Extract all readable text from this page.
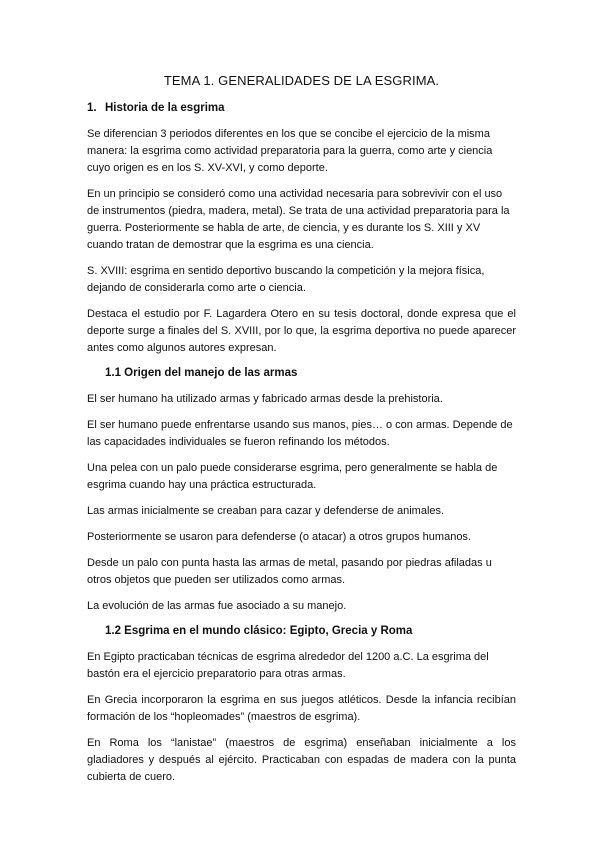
TEMA 1. GENERALIDADES DE LA ESGRIMA.
1. Historia de la esgrima

Se diferencian 3 periodos diferentes en los que se concibe el ejercicio de la misma manera: la esgrima como actividad preparatoria para la guerra, como arte y ciencia cuyo origen es en los S. XV-XVI, y como deporte.

En un principio se consideró como una actividad necesaria para sobrevivir con el uso de instrumentos (piedra, madera, metal). Se trata de una actividad preparatoria para la guerra. Posteriormente se habla de arte, de ciencia, y es durante los S. XIII y XV cuando tratan de demostrar que la esgrima es una ciencia.

S. XVIII: esgrima en sentido deportivo buscando la competición y la mejora física, dejando de considerarla como arte o ciencia.

Destaca el estudio por F. Lagardera Otero en su tesis doctoral, donde expresa que el deporte surge a finales del S. XVIII, por lo que, la esgrima deportiva no puede aparecer antes como algunos autores expresan.

1.1 Origen del manejo de las armas

El ser humano ha utilizado armas y fabricado armas desde la prehistoria.

El ser humano puede enfrentarse usando sus manos, pies… o con armas. Depende de las capacidades individuales se fueron refinando los métodos.

Una pelea con un palo puede considerarse esgrima, pero generalmente se habla de esgrima cuando hay una práctica estructurada.

Las armas inicialmente se creaban para cazar y defenderse de animales.

Posteriormente se usaron para defenderse (o atacar) a otros grupos humanos.

Desde un palo con punta hasta las armas de metal, pasando por piedras afiladas u otros objetos que pueden ser utilizados como armas.

La evolución de las armas fue asociado a su manejo.

1.2 Esgrima en el mundo clásico: Egipto, Grecia y Roma

En Egipto practicaban técnicas de esgrima alrededor del 1200 a.C. La esgrima del bastón era el ejercicio preparatorio para otras armas.

En Grecia incorporaron la esgrima en sus juegos atléticos. Desde la infancia recibían formación de los “hopleomades” (maestros de esgrima).

En Roma los “lanistae” (maestros de esgrima) enseñaban inicialmente a los gladiadores y después al ejército. Practicaban con espadas de madera con la punta cubierta de cuero.
